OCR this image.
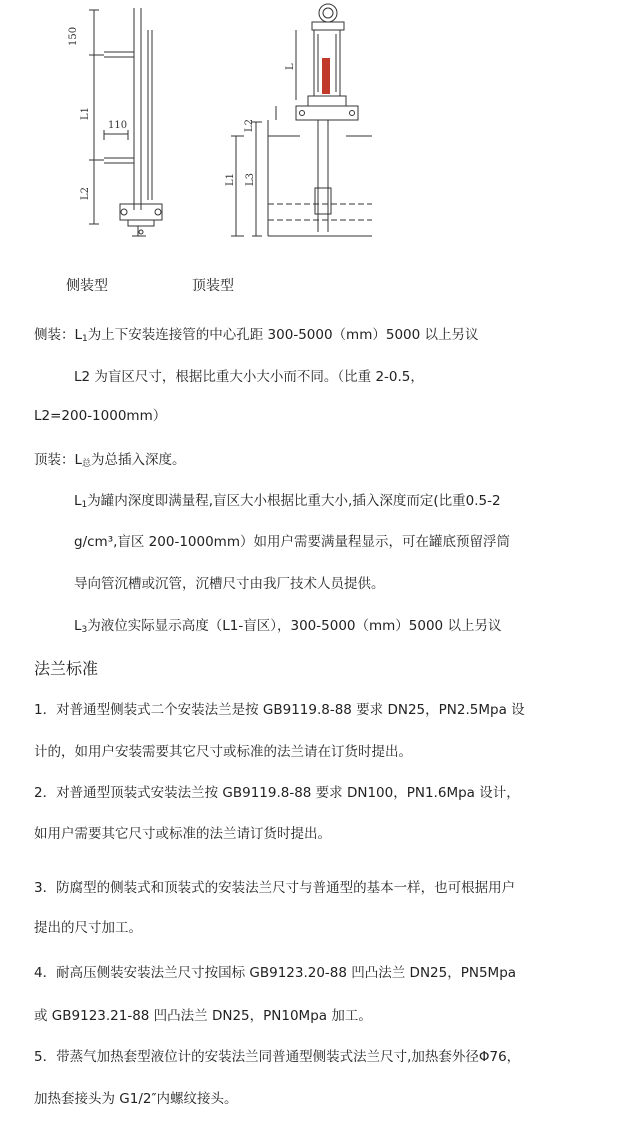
150
L1
110
L2
L
L2
L1 L3
侧装型	顶装型
侧装：$L_1$为上下安装连接管的中心孔距 300-5000（mm）5000 以上另议
L2 为盲区尺寸，根据比重大小大小而不同。（比重 2-0.5，
L2=200-1000mm）
顶装：$L_总$为总插入深度。
$L_1$为罐内深度即满量程,盲区大小根据比重大小,插入深度而定(比重0.5-2
g/cm³,盲区 200-1000mm）如用户需要满量程显示，可在罐底预留浮筒
导向管沉槽或沉管，沉槽尺寸由我厂技术人员提供。
$L_3$为液位实际显示高度（L1-盲区），300-5000（mm）5000 以上另议
法兰标准
1．对普通型侧装式二个安装法兰是按 GB9119.8-88 要求 DN25，PN2.5Mpa 设
计的，如用户安装需要其它尺寸或标准的法兰请在订货时提出。
2．对普通型顶装式安装法兰按 GB9119.8-88 要求 DN100，PN1.6Mpa 设计，
如用户需要其它尺寸或标准的法兰请订货时提出。
3．防腐型的侧装式和顶装式的安装法兰尺寸与普通型的基本一样，也可根据用户
提出的尺寸加工。
4．耐高压侧装安装法兰尺寸按国标 GB9123.20-88 凹凸法兰 DN25，PN5Mpa
或 GB9123.21-88 凹凸法兰 DN25，PN10Mpa 加工。
5．带蒸气加热套型液位计的安装法兰同普通型侧装式法兰尺寸,加热套外径Φ76，
加热套接头为 G1/2″内螺纹接头。
